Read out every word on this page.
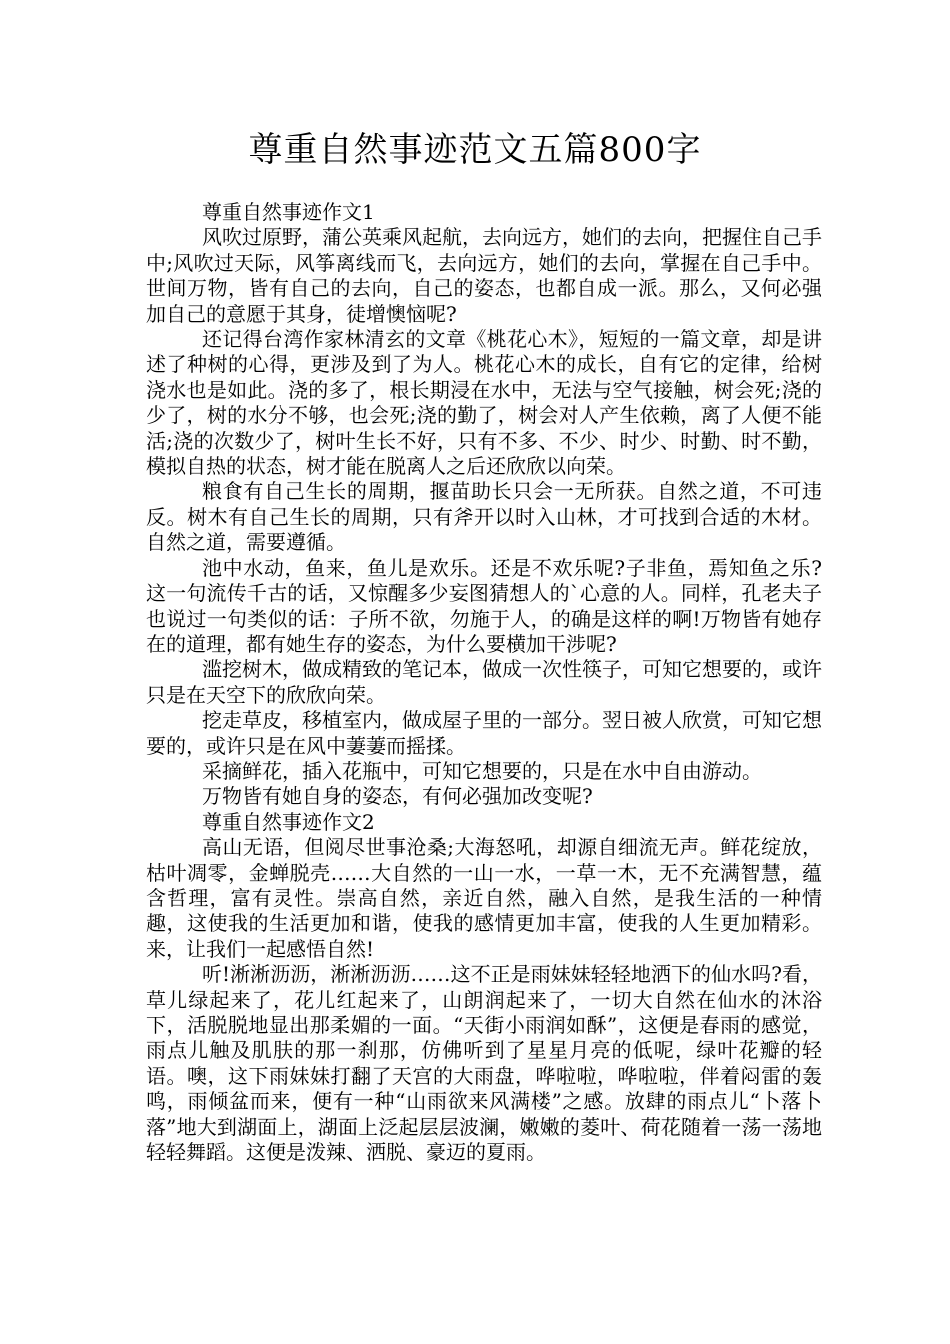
尊重自然事迹范文五篇800字

尊重自然事迹作文1

风吹过原野，蒲公英乘风起航，去向远方，她们的去向，把握住自己手中;风吹过天际，风筝离线而飞，去向远方，她们的去向，掌握在自己手中。世间万物，皆有自己的去向，自己的姿态，也都自成一派。那么，又何必强加自己的意愿于其身，徒增懊恼呢?

还记得台湾作家林清玄的文章《桃花心木》，短短的一篇文章，却是讲述了种树的心得，更涉及到了为人。桃花心木的成长，自有它的定律，给树浇水也是如此。浇的多了，根长期浸在水中，无法与空气接触，树会死;浇的少了，树的水分不够，也会死;浇的勤了，树会对人产生依赖，离了人便不能活;浇的次数少了，树叶生长不好，只有不多、不少、时少、时勤、时不勤，模拟自热的状态，树才能在脱离人之后还欣欣以向荣。

粮食有自己生长的周期，揠苗助长只会一无所获。自然之道，不可违反。树木有自己生长的周期，只有斧开以时入山林，才可找到合适的木材。自然之道，需要遵循。

池中水动，鱼来，鱼儿是欢乐。还是不欢乐呢?子非鱼，焉知鱼之乐?这一句流传千古的话，又惊醒多少妄图猜想人的`心意的人。同样，孔老夫子也说过一句类似的话：子所不欲，勿施于人，的确是这样的啊!万物皆有她存在的道理，都有她生存的姿态，为什么要横加干涉呢?

滥挖树木，做成精致的笔记本，做成一次性筷子，可知它想要的，或许只是在天空下的欣欣向荣。

挖走草皮，移植室内，做成屋子里的一部分。翌日被人欣赏，可知它想要的，或许只是在风中萋萋而摇揉。

采摘鲜花，插入花瓶中，可知它想要的，只是在水中自由游动。

万物皆有她自身的姿态，有何必强加改变呢?

尊重自然事迹作文2

高山无语，但阅尽世事沧桑;大海怒吼，却源自细流无声。鲜花绽放，枯叶凋零，金蝉脱壳……大自然的一山一水，一草一木，无不充满智慧，蕴含哲理，富有灵性。崇高自然，亲近自然，融入自然，是我生活的一种情趣，这使我的生活更加和谐，使我的感情更加丰富，使我的人生更加精彩。来，让我们一起感悟自然!

听!淅淅沥沥，淅淅沥沥……这不正是雨妹妹轻轻地洒下的仙水吗?看，草儿绿起来了，花儿红起来了，山朗润起来了，一切大自然在仙水的沐浴下，活脱脱地显出那柔媚的一面。“天街小雨润如酥”，这便是春雨的感觉，雨点儿触及肌肤的那一刹那，仿佛听到了星星月亮的低呢，绿叶花瓣的轻语。噢，这下雨妹妹打翻了天宫的大雨盘，哗啦啦，哗啦啦，伴着闷雷的轰鸣，雨倾盆而来，便有一种“山雨欲来风满楼”之感。放肆的雨点儿“卜落卜落”地大到湖面上，湖面上泛起层层波澜，嫩嫩的菱叶、荷花随着一荡一荡地轻轻舞蹈。这便是泼辣、洒脱、豪迈的夏雨。
